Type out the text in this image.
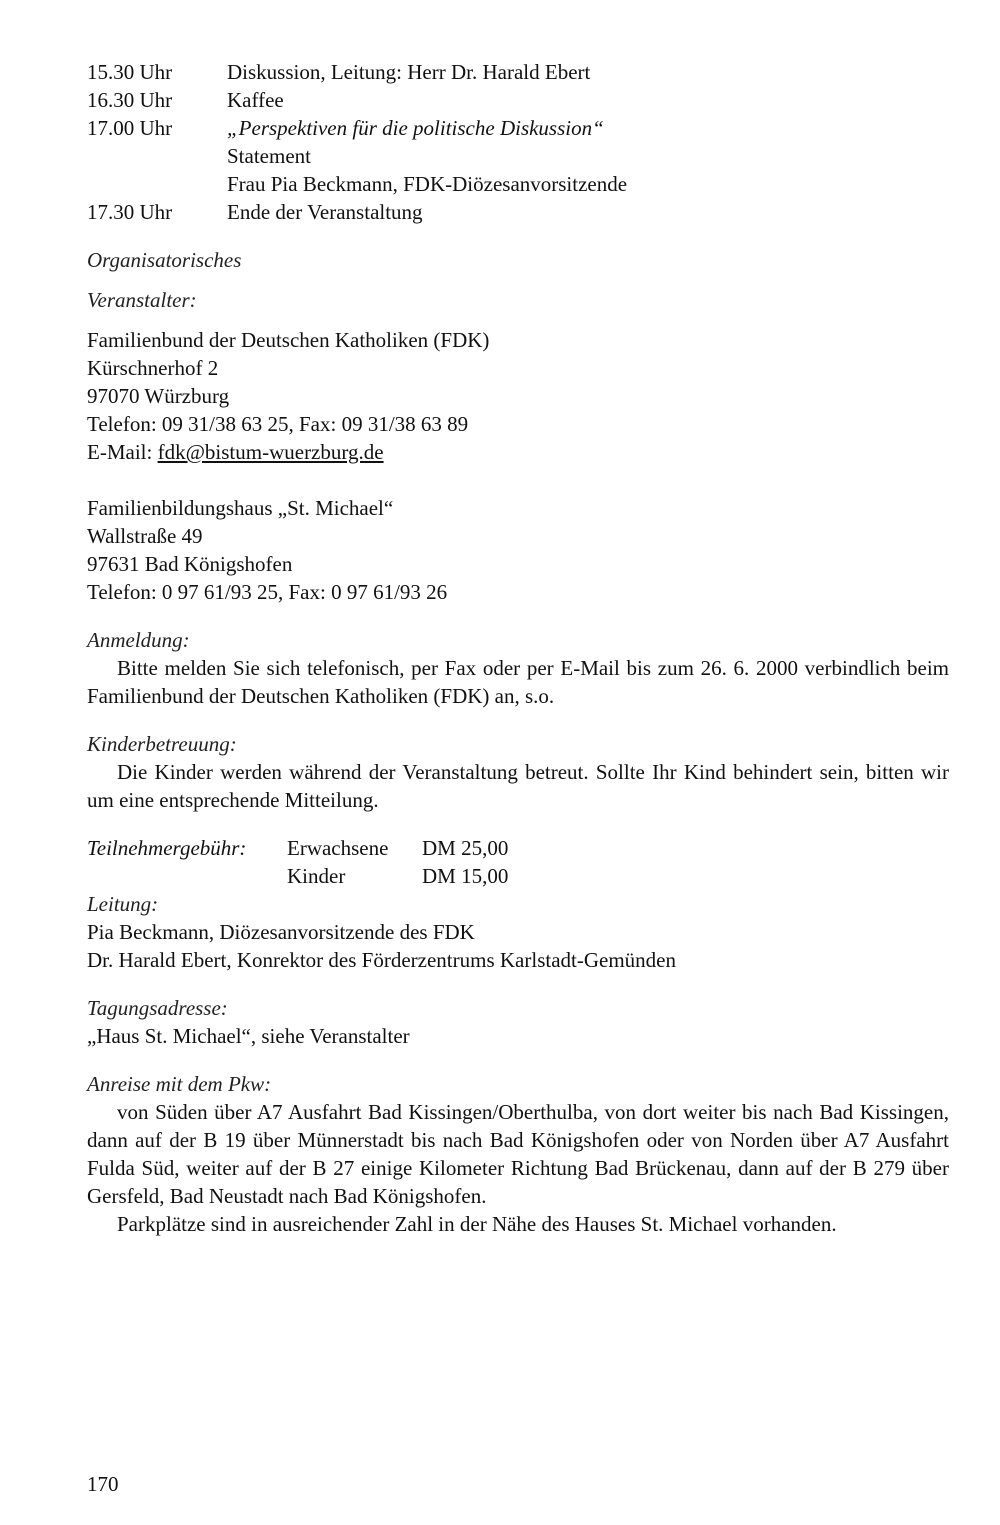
15.30 Uhr	Diskussion, Leitung: Herr Dr. Harald Ebert
16.30 Uhr	Kaffee
17.00 Uhr	„Perspektiven für die politische Diskussion“
Statement
Frau Pia Beckmann, FDK-Diözesanvorsitzende
17.30 Uhr	Ende der Veranstaltung
Organisatorisches
Veranstalter:
Familienbund der Deutschen Katholiken (FDK)
Kürschnerhof 2
97070 Würzburg
Telefon: 09 31/38 63 25, Fax: 09 31/38 63 89
E-Mail: fdk@bistum-wuerzburg.de
Familienbildungshaus „St. Michael“
Wallstraße 49
97631 Bad Königshofen
Telefon: 0 97 61/93 25, Fax: 0 97 61/93 26
Anmeldung:
Bitte melden Sie sich telefonisch, per Fax oder per E-Mail bis zum 26. 6. 2000 verbindlich beim Familienbund der Deutschen Katholiken (FDK) an, s.o.
Kinderbetreuung:
Die Kinder werden während der Veranstaltung betreut. Sollte Ihr Kind behindert sein, bitten wir um eine entsprechende Mitteilung.
Teilnehmergebühr:	Erwachsene	DM 25,00
Kinder	DM 15,00
Leitung:
Pia Beckmann, Diözesanvorsitzende des FDK
Dr. Harald Ebert, Konrektor des Förderzentrums Karlstadt-Gemünden
Tagungsadresse:
„Haus St. Michael“, siehe Veranstalter
Anreise mit dem Pkw:
von Süden über A7 Ausfahrt Bad Kissingen/Oberthulba, von dort weiter bis nach Bad Kissingen, dann auf der B 19 über Münnerstadt bis nach Bad Königshofen oder von Norden über A7 Ausfahrt Fulda Süd, weiter auf der B 27 einige Kilometer Richtung Bad Brückenau, dann auf der B 279 über Gersfeld, Bad Neustadt nach Bad Königshofen.
Parkplätze sind in ausreichender Zahl in der Nähe des Hauses St. Michael vorhanden.
170
